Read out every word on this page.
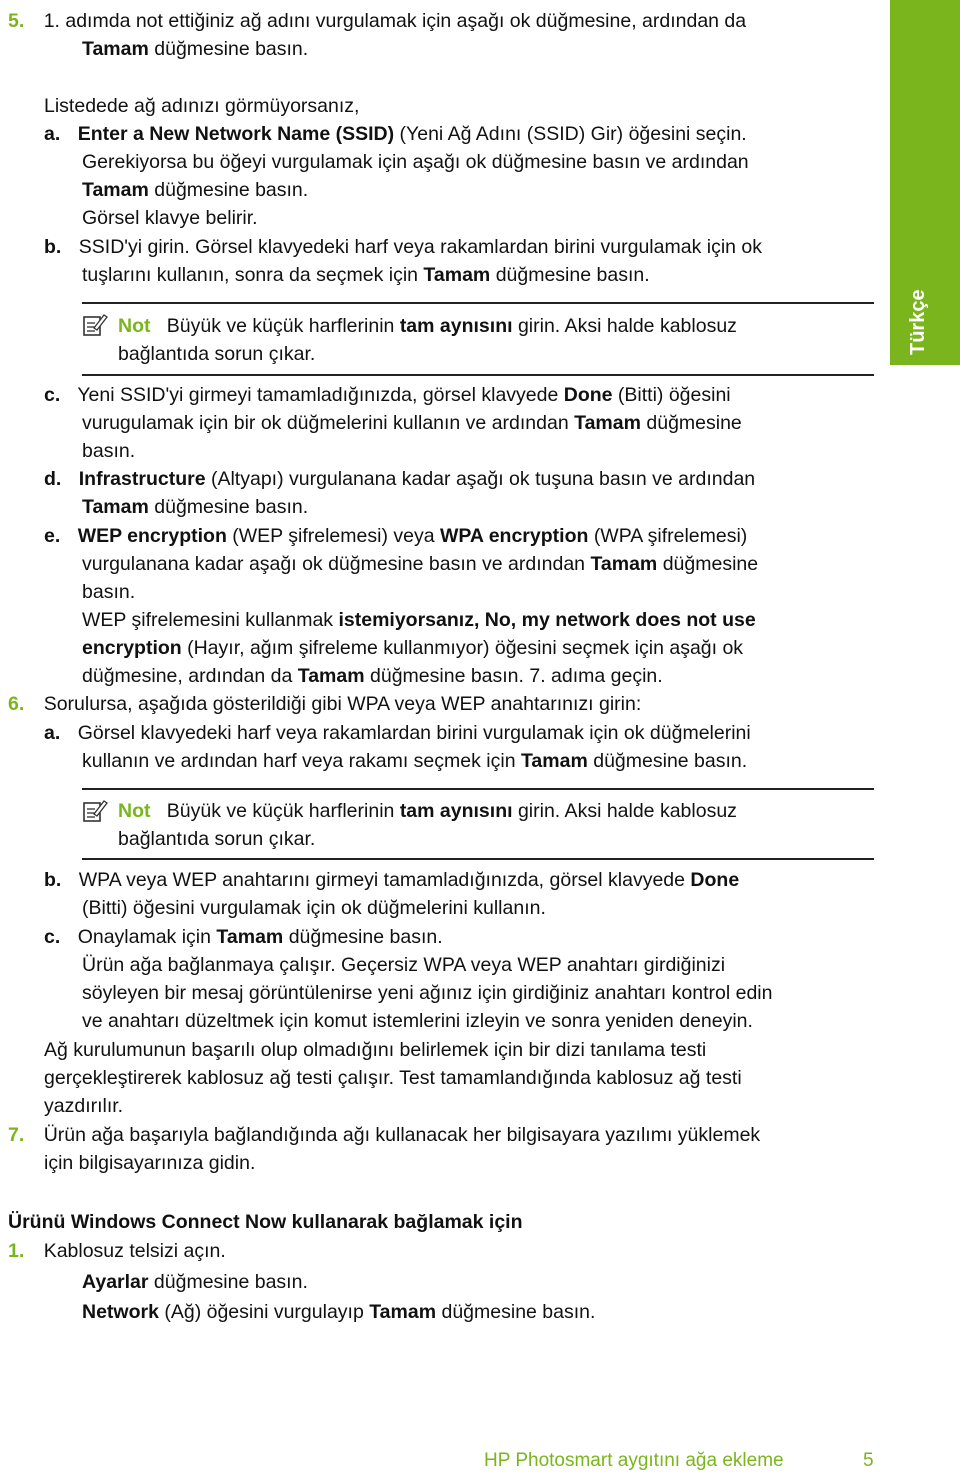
Türkçe
5. 1. adımda not ettiğiniz ağ adını vurgulamak için aşağı ok düğmesine, ardından da
Tamam düğmesine basın.
Listedede ağ adınızı görmüyorsanız,
a. Enter a New Network Name (SSID) (Yeni Ağ Adını (SSID) Gir) öğesini seçin.
Gerekiyorsa bu öğeyi vurgulamak için aşağı ok düğmesine basın ve ardından
Tamam düğmesine basın.
Görsel klavye belirir.
b. SSID'yi girin. Görsel klavyedeki harf veya rakamlardan birini vurgulamak için ok
tuşlarını kullanın, sonra da seçmek için Tamam düğmesine basın.
c. Yeni SSID'yi girmeyi tamamladığınızda, görsel klavyede Done (Bitti) öğesini
vurugulamak için bir ok düğmelerini kullanın ve ardından Tamam düğmesine
basın.
d. Infrastructure (Altyapı) vurgulanana kadar aşağı ok tuşuna basın ve ardından
Tamam düğmesine basın.
e. WEP encryption (WEP şifrelemesi) veya WPA encryption (WPA şifrelemesi)
vurgulanana kadar aşağı ok düğmesine basın ve ardından Tamam düğmesine
basın.
WEP şifrelemesini kullanmak istemiyorsanız, No, my network does not use
encryption (Hayır, ağım şifreleme kullanmıyor) öğesini seçmek için aşağı ok
düğmesine, ardından da Tamam düğmesine basın. 7. adıma geçin.
6. Sorulursa, aşağıda gösterildiği gibi WPA veya WEP anahtarınızı girin:
a. Görsel klavyedeki harf veya rakamlardan birini vurgulamak için ok düğmelerini
kullanın ve ardından harf veya rakamı seçmek için Tamam düğmesine basın.
b. WPA veya WEP anahtarını girmeyi tamamladığınızda, görsel klavyede Done
(Bitti) öğesini vurgulamak için ok düğmelerini kullanın.
c. Onaylamak için Tamam düğmesine basın.
Ürün ağa bağlanmaya çalışır. Geçersiz WPA veya WEP anahtarı girdiğinizi
söyleyen bir mesaj görüntülenirse yeni ağınız için girdiğiniz anahtarı kontrol edin
ve anahtarı düzeltmek için komut istemlerini izleyin ve sonra yeniden deneyin.
Ağ kurulumunun başarılı olup olmadığını belirlemek için bir dizi tanılama testi
gerçekleştirerek kablosuz ağ testi çalışır. Test tamamlandığında kablosuz ağ testi
yazdırılır.
7. Ürün ağa başarıyla bağlandığında ağı kullanacak her bilgisayara yazılımı yüklemek
için bilgisayarınıza gidin.
Ürünü Windows Connect Now kullanarak bağlamak için
1. Kablosuz telsizi açın.
Ayarlar düğmesine basın.
Network (Ağ) öğesini vurgulayıp Tamam düğmesine basın.
Not Büyük ve küçük harflerinin tam aynısını girin. Aksi halde kablosuz
bağlantıda sorun çıkar.
Not Büyük ve küçük harflerinin tam aynısını girin. Aksi halde kablosuz
bağlantıda sorun çıkar.
HP Photosmart aygıtını ağa ekleme	5
